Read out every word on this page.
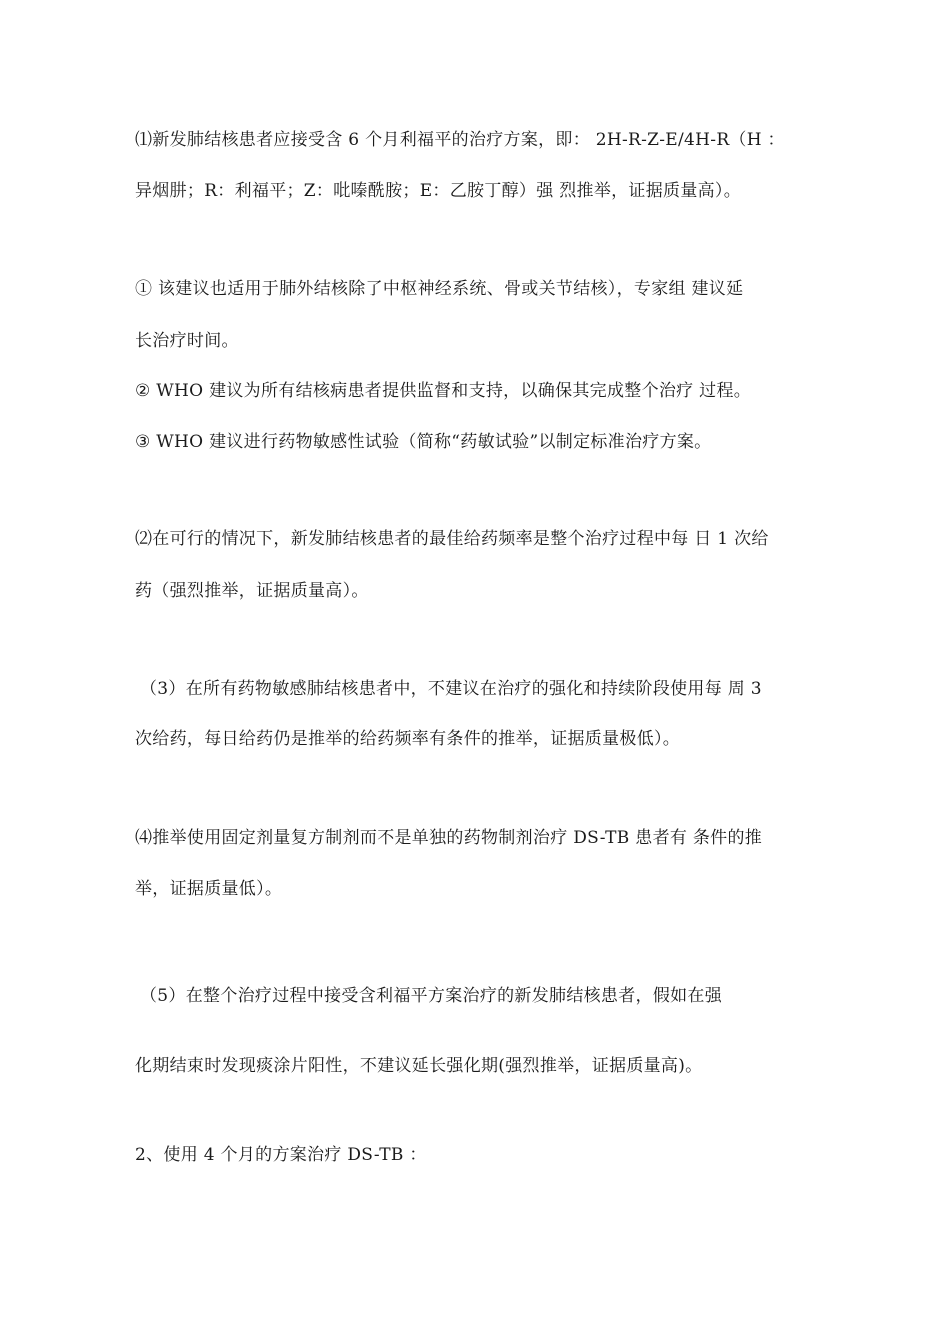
⑴新发肺结核患者应接受含 6 个月利福平的治疗方案，即： 2H-R-Z-E/4H-R（H ：
异烟肼；R：利福平；Z：吡嗪酰胺；E：乙胺丁醇）强 烈推举，证据质量高）。
① 该建议也适用于肺外结核除了中枢神经系统、骨或关节结核），专家组 建议延
长治疗时间。
② WHO 建议为所有结核病患者提供监督和支持，以确保其完成整个治疗 过程。
③ WHO 建议进行药物敏感性试验（简称“药敏试验”以制定标准治疗方案。
⑵在可行的情况下，新发肺结核患者的最佳给药频率是整个治疗过程中每 日 1 次给
药（强烈推举，证据质量高）。
（3）在所有药物敏感肺结核患者中，不建议在治疗的强化和持续阶段使用每 周 3
次给药，每日给药仍是推举的给药频率有条件的推举，证据质量极低）。
⑷推举使用固定剂量复方制剂而不是单独的药物制剂治疗 DS-TB 患者有 条件的推
举，证据质量低）。
（5）在整个治疗过程中接受含利福平方案治疗的新发肺结核患者，假如在强
化期结束时发现痰涂片阳性，不建议延长强化期(强烈推举，证据质量高)。
2、使用 4 个月的方案治疗 DS-TB ：
